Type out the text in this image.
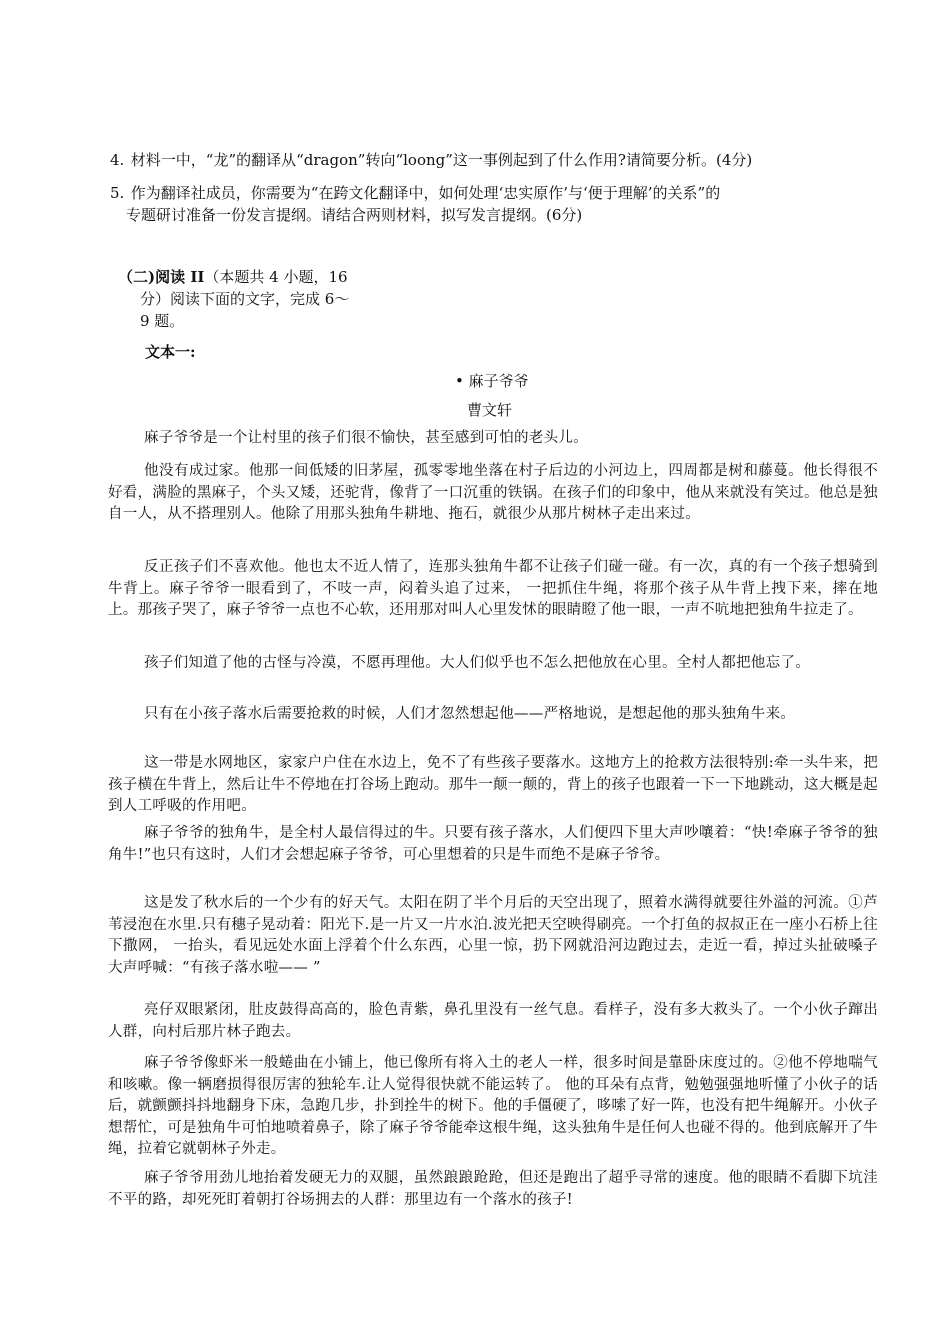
4. 材料一中，“龙”的翻译从“dragon”转向“loong”这一事例起到了什么作用?请简要分析。(4分)
5. 作为翻译社成员，你需要为“在跨文化翻译中，如何处理‘忠实原作’与‘便于理解’的关系”的
专题研讨准备一份发言提纲。请结合两则材料，拟写发言提纲。(6分)
（二)阅读 II（本题共 4 小题，16
分）阅读下面的文字，完成 6～
9 题。
文本一:
• 麻子爷爷
曹文轩
麻子爷爷是一个让村里的孩子们很不愉快，甚至感到可怕的老头儿。
他没有成过家。他那一间低矮的旧茅屋，孤零零地坐落在村子后边的小河边上，四周都是树和藤蔓。他长得很不好看，满脸的黑麻子，个头又矮，还驼背，像背了一口沉重的铁锅。在孩子们的印象中，他从来就没有笑过。他总是独自一人，从不搭理别人。他除了用那头独角牛耕地、拖石，就很少从那片树林子走出来过。
反正孩子们不喜欢他。他也太不近人情了，连那头独角牛都不让孩子们碰一碰。有一次，真的有一个孩子想骑到牛背上。麻子爷爷一眼看到了，不吱一声，闷着头追了过来， 一把抓住牛绳，将那个孩子从牛背上拽下来，摔在地上。那孩子哭了，麻子爷爷一点也不心软，还用那对叫人心里发怵的眼睛瞪了他一眼，一声不吭地把独角牛拉走了。
孩子们知道了他的古怪与冷漠，不愿再理他。大人们似乎也不怎么把他放在心里。全村人都把他忘了。
只有在小孩子落水后需要抢救的时候，人们才忽然想起他——严格地说，是想起他的那头独角牛来。
这一带是水网地区，家家户户住在水边上，免不了有些孩子要落水。这地方上的抢救方法很特别:牵一头牛来，把孩子横在牛背上，然后让牛不停地在打谷场上跑动。那牛一颠一颠的，背上的孩子也跟着一下一下地跳动，这大概是起到人工呼吸的作用吧。
麻子爷爷的独角牛，是全村人最信得过的牛。只要有孩子落水，人们便四下里大声吵嚷着：“快!牵麻子爷爷的独角牛!”也只有这时，人们才会想起麻子爷爷，可心里想着的只是牛而绝不是麻子爷爷。
这是发了秋水后的一个少有的好天气。太阳在阴了半个月后的天空出现了，照着水满得就要往外溢的河流。①芦苇浸泡在水里.只有穗子晃动着：阳光下.是一片又一片水泊.波光把天空映得刷亮。一个打鱼的叔叔正在一座小石桥上往下撒网， 一抬头，看见远处水面上浮着个什么东西，心里一惊，扔下网就沿河边跑过去，走近一看，掉过头扯破嗓子大声呼喊：“有孩子落水啦—— ”
亮仔双眼紧闭，肚皮鼓得高高的，脸色青紫，鼻孔里没有一丝气息。看样子，没有多大救头了。一个小伙子蹿出人群，向村后那片林子跑去。
麻子爷爷像虾米一般蜷曲在小铺上，他已像所有将入土的老人一样，很多时间是靠卧床度过的。②他不停地喘气和咳嗽。像一辆磨损得很厉害的独轮车.让人觉得很快就不能运转了。 他的耳朵有点背，勉勉强强地听懂了小伙子的话后，就颤颤抖抖地翻身下床，急跑几步，扑到拴牛的树下。他的手僵硬了，哆嗦了好一阵，也没有把牛绳解开。小伙子想帮忙，可是独角牛可怕地喷着鼻子，除了麻子爷爷能牵这根牛绳，这头独角牛是任何人也碰不得的。他到底解开了牛绳，拉着它就朝林子外走。
麻子爷爷用劲儿地抬着发硬无力的双腿，虽然踉踉跄跄，但还是跑出了超乎寻常的速度。他的眼睛不看脚下坑洼不平的路，却死死盯着朝打谷场拥去的人群：那里边有一个落水的孩子!
